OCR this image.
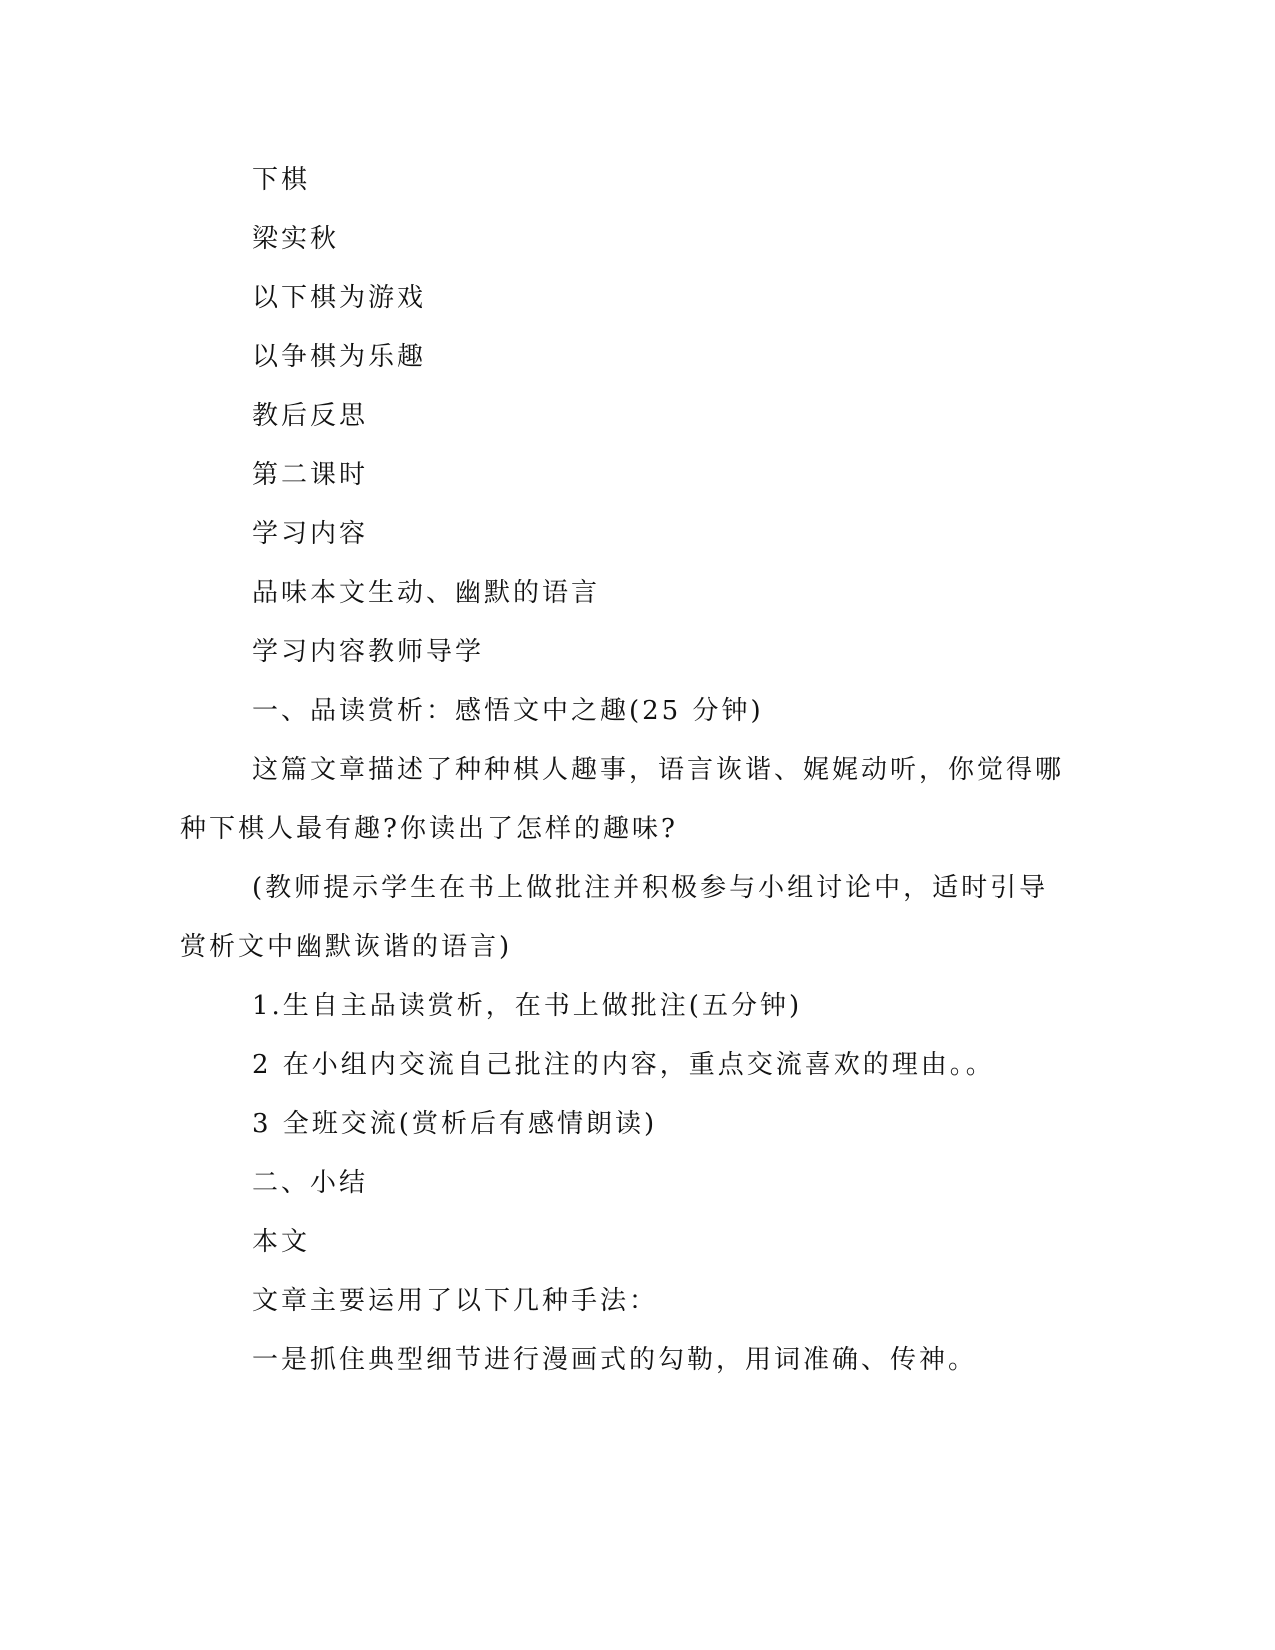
下棋
梁实秋
以下棋为游戏
以争棋为乐趣
教后反思
第二课时
学习内容
品味本文生动、幽默的语言
学习内容教师导学
一、品读赏析：感悟文中之趣(25 分钟)
这篇文章描述了种种棋人趣事，语言诙谐、娓娓动听，你觉得哪
种下棋人最有趣?你读出了怎样的趣味?
(教师提示学生在书上做批注并积极参与小组讨论中，适时引导
赏析文中幽默诙谐的语言)
1.生自主品读赏析，在书上做批注(五分钟)
2 在小组内交流自己批注的内容，重点交流喜欢的理由。。
3 全班交流(赏析后有感情朗读)
二、小结
本文
文章主要运用了以下几种手法：
一是抓住典型细节进行漫画式的勾勒，用词准确、传神。
